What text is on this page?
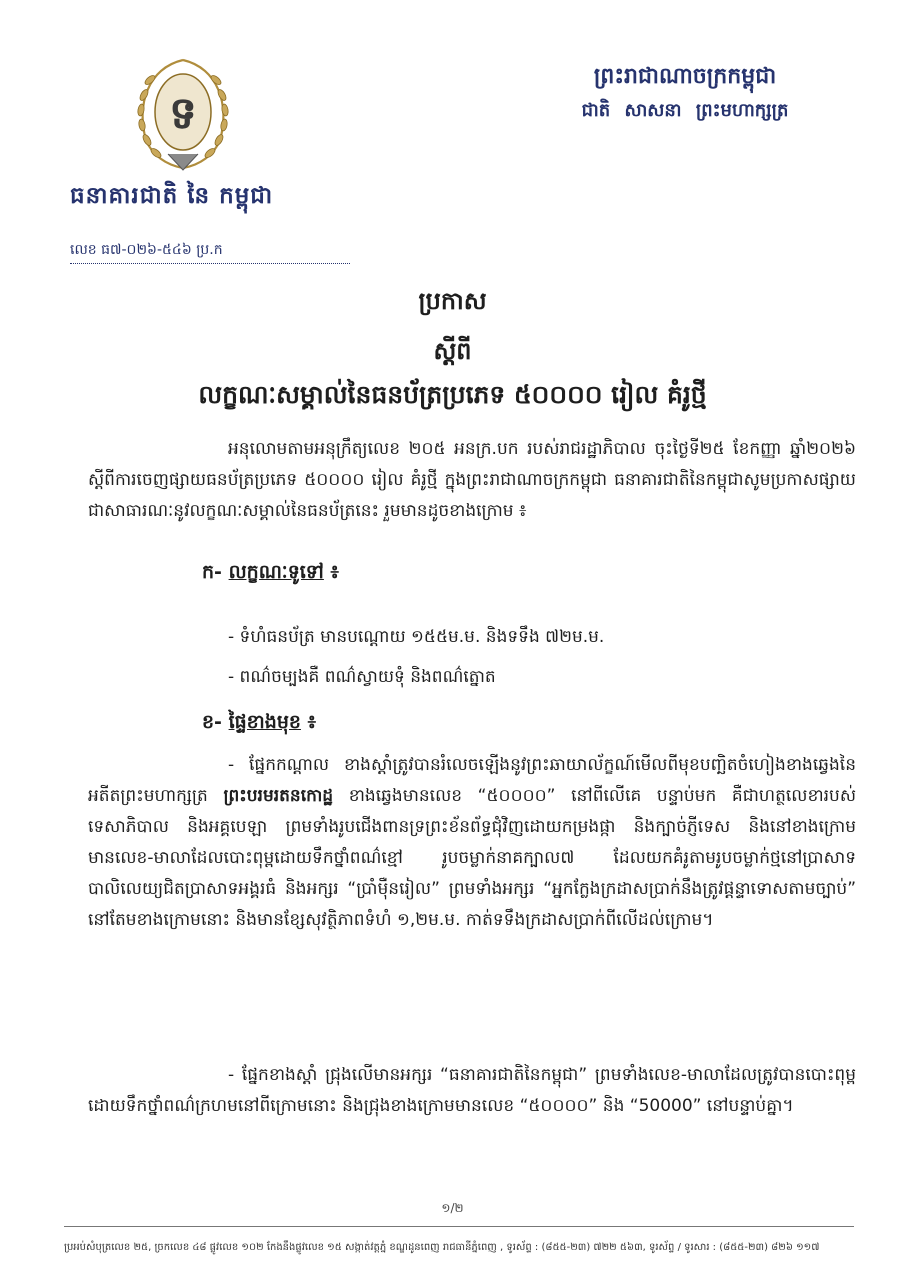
ទ
ធនាគារជាតិ នៃ កម្ពុជា
លេខ ធ៧-០២៦-៥៤៦ ប្រ.ក
ព្រះរាជាណាចក្រកម្ពុជា
ជាតិ សាសនា ព្រះមហាក្សត្រ
ប្រកាស
ស្ដីពី
លក្ខណៈសម្គាល់នៃធនប័ត្រប្រភេទ ៥០០០០ រៀល គំរូថ្មី
អនុលោមតាមអនុក្រឹត្យលេខ ២០៥ អនក្រ.បក របស់រាជរដ្ឋាភិបាល ចុះថ្ងៃទី២៥ ខែកញ្ញា ឆ្នាំ២០២៦ ស្ដីពីការចេញផ្សាយធនប័ត្រប្រភេទ ៥០០០០ រៀល គំរូថ្មី ក្នុងព្រះរាជាណាចក្រកម្ពុជា ធនាគារជាតិនៃកម្ពុជាសូមប្រកាសផ្សាយជាសាធារណៈនូវលក្ខណៈសម្គាល់នៃធនប័ត្រនេះ រួមមានដូចខាងក្រោម ៖
ក- លក្ខណៈទូទៅ ៖
- ទំហំធនប័ត្រ មានបណ្ដោយ ១៥៥ម.ម. និងទទឹង ៧២ម.ម.
- ពណ៌ចម្បងគឺ ពណ៌ស្វាយទុំ និងពណ៌ត្នោត
ខ- ផ្ទៃខាងមុខ ៖
- ផ្នែកកណ្ដាល ខាងស្ដាំត្រូវបានរំលេចឡើងនូវព្រះឆាយាល័ក្ខណ៍មើលពីមុខបញ្ឆិតចំហៀងខាងឆ្វេងនៃអតីតព្រះមហាក្សត្រ ព្រះបរមរតនកោដ្ឋ ខាងឆ្វេងមានលេខ “៥០០០០” នៅពីលើគេ បន្ទាប់មក គឺជាហត្ថលេខារបស់ទេសាភិបាល និងអគ្គបេឡា ព្រមទាំងរូបជើងពានទ្រព្រះខ័នព័ទ្ធជុំវិញដោយកម្រងផ្កា និងក្បាច់ភ្ញីទេស និងនៅខាងក្រោមមានលេខ-មាលាដែលបោះពុម្ពដោយទឹកថ្នាំពណ៌ខ្មៅ រូបចម្លាក់នាគក្បាល៧ ដែលយកគំរូតាមរូបចម្លាក់ថ្មនៅប្រាសាទបាលិលេយ្យជិតប្រាសាទអង្គរធំ និងអក្សរ “ប្រាំម៉ឺនរៀល” ព្រមទាំងអក្សរ “អ្នកក្លែងក្រដាសប្រាក់នឹងត្រូវផ្ដន្ទាទោសតាមច្បាប់” នៅតែមខាងក្រោមនោះ និងមានខ្សែសុវត្ថិភាពទំហំ ១,២ម.ម. កាត់ទទឹងក្រដាសប្រាក់ពីលើដល់ក្រោម។
- ផ្នែកខាងស្ដាំ ជ្រុងលើមានអក្សរ “ធនាគារជាតិនៃកម្ពុជា” ព្រមទាំងលេខ-មាលាដែលត្រូវបានបោះពុម្ពដោយទឹកថ្នាំពណ៌ក្រហមនៅពីក្រោមនោះ និងជ្រុងខាងក្រោមមានលេខ “៥០០០០” និង “50000” នៅបន្ទាប់គ្នា។
១/២
ប្រអប់សំបុត្រលេខ ២៥, ច្រកលេខ ៤៨ ផ្លូវលេខ ១០២ កែងនឹងផ្លូវលេខ ១៥ សង្កាត់វត្តភ្នំ ខណ្ឌដូនពេញ រាជធានីភ្នំពេញ , ទូរស័ព្ទ : (៨៥៥-២៣) ៧២២ ៥៦៣, ទូរស័ព្ទ / ទូរសារ : (៨៥៥-២៣) ៨២៦ ១១៧
